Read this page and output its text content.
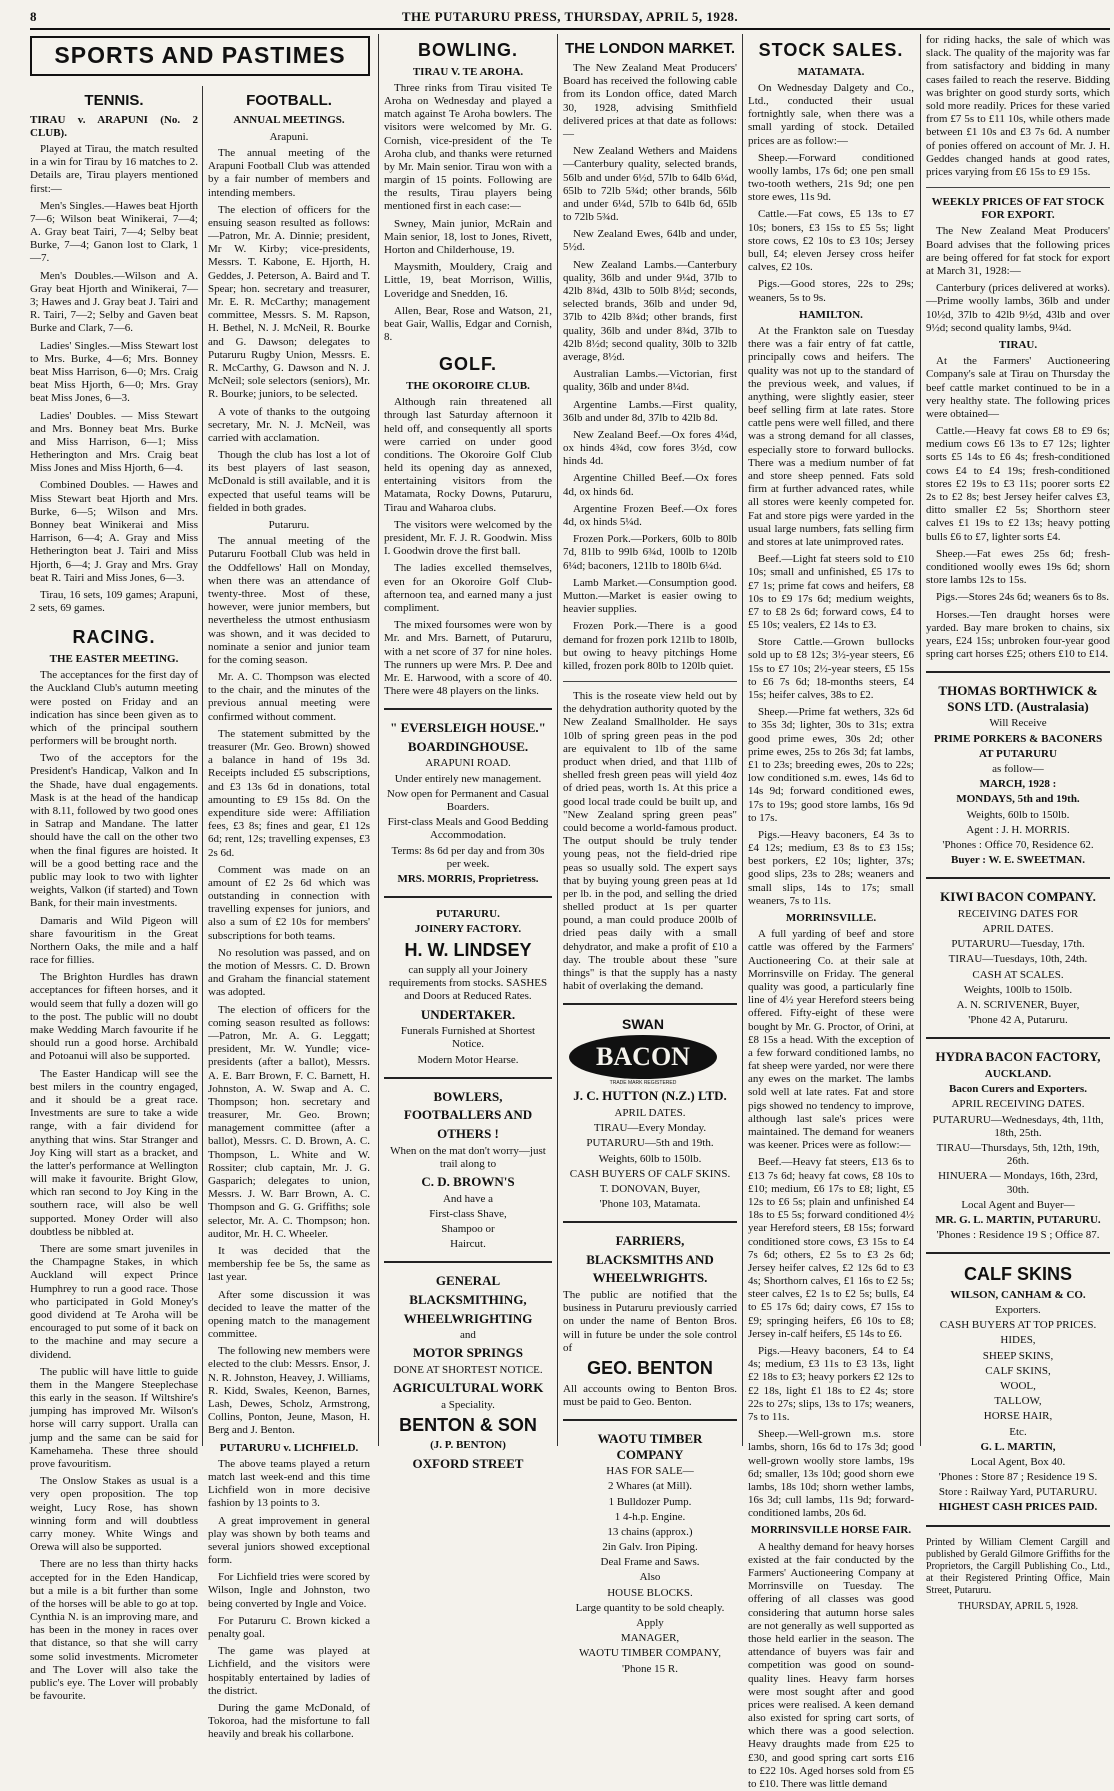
8	THE PUTARURU PRESS, THURSDAY, APRIL 5, 1928.
SPORTS AND PASTIMES
TENNIS.
TIRAU v. ARAPUNI (No. 2 CLUB).

Played at Tirau, the match resulted in a win for Tirau by 16 matches to 2. Details are, Tirau players mentioned first:—

Men's Singles.—Hawes beat Hjorth 7—6; Wilson beat Winikerai, 7—4; A. Gray beat Tairi, 7—4; Selby beat Burke, 7—4; Ganon lost to Clark, 1—7.

Men's Doubles.—Wilson and A. Gray beat Hjorth and Winikerai, 7—3; Hawes and J. Gray beat J. Tairi and R. Tairi, 7—2; Selby and Gaven beat Burke and Clark, 7—6.

Ladies' Singles.—Miss Stewart lost to Mrs. Burke, 4—6; Mrs. Bonney beat Miss Harrison, 6—0; Mrs. Craig beat Miss Hjorth, 6—0; Mrs. Gray beat Miss Jones, 6—3.

Ladies' Doubles. — Miss Stewart and Mrs. Bonney beat Mrs. Burke and Miss Harrison, 6—1; Miss Hetherington and Mrs. Craig beat Miss Jones and Miss Hjorth, 6—4.

Combined Doubles. — Hawes and Miss Stewart beat Hjorth and Mrs. Burke, 6—5; Wilson and Mrs. Bonney beat Winikerai and Miss Harrison, 6—4; A. Gray and Miss Hetherington beat J. Tairi and Miss Hjorth, 6—4; J. Gray and Mrs. Gray beat R. Tairi and Miss Jones, 6—3.

Tirau, 16 sets, 109 games; Arapuni, 2 sets, 69 games.

RACING.
THE EASTER MEETING.

The acceptances for the first day of the Auckland Club's autumn meeting were posted on Friday and an indication has since been given as to which of the principal southern performers will be brought north.

Two of the acceptors for the President's Handicap, Valkon and In the Shade, have dual engagements. Mask is at the head of the handicap with 8.11, followed by two good ones in Satrap and Mandane. The latter should have the call on the other two when the final figures are hoisted. It will be a good betting race and the public may look to two with lighter weights, Valkon (if started) and Town Bank, for their main investments.

Damaris and Wild Pigeon will share favouritism in the Great Northern Oaks, the mile and a half race for fillies.

The Brighton Hurdles has drawn acceptances for fifteen horses, and it would seem that fully a dozen will go to the post. The public will no doubt make Wedding March favourite if he should run a good horse. Archibald and Potoanui will also be supported.

The Easter Handicap will see the best milers in the country engaged, and it should be a great race. Investments are sure to take a wide range, with a fair dividend for anything that wins. Star Stranger and Joy King will start as a bracket, and the latter's performance at Wellington will make it favourite. Bright Glow, which ran second to Joy King in the southern race, will also be well supported. Money Order will also doubtless be nibbled at.

There are some smart juveniles in the Champagne Stakes, in which Auckland will expect Prince Humphrey to run a good race. Those who participated in Gold Money's good dividend at Te Aroha will be encouraged to put some of it back on to the machine and may secure a dividend.

The public will have little to guide them in the Mangere Steeplechase this early in the season. If Wiltshire's jumping has improved Mr. Wilson's horse will carry support. Uralla can jump and the same can be said for Kamehameha. These three should prove favouritism.

The Onslow Stakes as usual is a very open proposition. The top weight, Lucy Rose, has shown winning form and will doubtless carry money. White Wings and Orewa will also be supported.

There are no less than thirty hacks accepted for in the Eden Handicap, but a mile is a bit further than some of the horses will be able to go at top. Cynthia N. is an improving mare, and has been in the money in races over that distance, so that she will carry some solid investments. Micrometer and The Lover will also take the public's eye. The Lover will probably be favourite.

FOOTBALL.
ANNUAL MEETINGS.
Arapuni.

The annual meeting of the Arapuni Football Club was attended by a fair number of members and intending members.

The election of officers for the ensuing season resulted as follows:—Patron, Mr. A. Dinnie; president, Mr W. Kirby; vice-presidents, Messrs. T. Kabone, E. Hjorth, H. Geddes, J. Peterson, A. Baird and T. Spear; hon. secretary and treasurer, Mr. E. R. McCarthy; management committee, Messrs. S. M. Rapson, H. Bethel, N. J. McNeil, R. Bourke and G. Dawson; delegates to Putaruru Rugby Union, Messrs. E. R. McCarthy, G. Dawson and N. J. McNeil; sole selectors (seniors), Mr. R. Bourke; juniors, to be selected.

A vote of thanks to the outgoing secretary, Mr. N. J. McNeil, was carried with acclamation.

Though the club has lost a lot of its best players of last season, McDonald is still available, and it is expected that useful teams will be fielded in both grades.

Putaruru.

The annual meeting of the Putaruru Football Club was held in the Oddfellows' Hall on Monday, when there was an attendance of twenty-three. Most of these, however, were junior members, but nevertheless the utmost enthusiasm was shown, and it was decided to nominate a senior and junior team for the coming season.

Mr. A. C. Thompson was elected to the chair, and the minutes of the previous annual meeting were confirmed without comment.

The statement submitted by the treasurer (Mr. Geo. Brown) showed a balance in hand of 19s 3d. Receipts included £5 subscriptions, and £3 13s 6d in donations, total amounting to £9 15s 8d. On the expenditure side were: Affiliation fees, £3 8s; fines and gear, £1 12s 6d; rent, 12s; travelling expenses, £3 2s 6d.

Comment was made on an amount of £2 2s 6d which was outstanding in connection with travelling expenses for juniors, and also a sum of £2 10s for members' subscriptions for both teams.

No resolution was passed, and on the motion of Messrs. C. D. Brown and Graham the financial statement was adopted.

The election of officers for the coming season resulted as follows:—Patron, Mr. A. G. Leggatt; president, Mr. W. Yundle; vice-presidents (after a ballot), Messrs. A. E. Barr Brown, F. C. Barnett, H. Johnston, A. W. Swap and A. C. Thompson; hon. secretary and treasurer, Mr. Geo. Brown; management committee (after a ballot), Messrs. C. D. Brown, A. C. Thompson, L. White and W. Rossiter; club captain, Mr. J. G. Gasparich; delegates to union, Messrs. J. W. Barr Brown, A. C. Thompson and G. G. Griffiths; sole selector, Mr. A. C. Thompson; hon. auditor, Mr. H. C. Wheeler.

It was decided that the membership fee be 5s, the same as last year.

After some discussion it was decided to leave the matter of the opening match to the management committee.

The following new members were elected to the club: Messrs. Ensor, J. N. R. Johnston, Heavey, J. Williams, R. Kidd, Swales, Keenon, Barnes, Lash, Dewes, Scholz, Armstrong, Collins, Ponton, Jeune, Mason, H. Berg and J. Benton.

PUTARURU v. LICHFIELD.

The above teams played a return match last week-end and this time Lichfield won in more decisive fashion by 13 points to 3.

A great improvement in general play was shown by both teams and several juniors showed exceptional form.

For Lichfield tries were scored by Wilson, Ingle and Johnston, two being converted by Ingle and Voice.

For Putaruru C. Brown kicked a penalty goal.

The game was played at Lichfield, and the visitors were hospitably entertained by ladies of the district.

During the game McDonald, of Tokoroa, had the misfortune to fall heavily and break his collarbone.

BOWLING.
TIRAU V. TE AROHA.

Three rinks from Tirau visited Te Aroha on Wednesday and played a match against Te Aroha bowlers. The visitors were welcomed by Mr. G. Cornish, vice-president of the Te Aroha club, and thanks were returned by Mr. Main senior. Tirau won with a margin of 15 points. Following are the results, Tirau players being mentioned first in each case:—

Swney, Main junior, McRain and Main senior, 18, lost to Jones, Rivett, Horton and Childerhouse, 19.

Maysmith, Mouldery, Craig and Little, 19, beat Morrison, Willis, Loveridge and Snedden, 16.

Allen, Bear, Rose and Watson, 21, beat Gair, Wallis, Edgar and Cornish, 8.

GOLF.
THE OKOROIRE CLUB.

Although rain threatened all through last Saturday afternoon it held off, and consequently all sports were carried on under good conditions. The Okoroire Golf Club held its opening day as annexed, entertaining visitors from the Matamata, Rocky Downs, Putaruru, Tirau and Waharoa clubs.

The visitors were welcomed by the president, Mr. F. J. R. Goodwin. Miss I. Goodwin drove the first ball.

The ladies excelled themselves, even for an Okoroire Golf Club-afternoon tea, and earned many a just compliment.

The mixed foursomes were won by Mr. and Mrs. Barnett, of Putaruru, with a net score of 37 for nine holes. The runners up were Mrs. P. Dee and Mr. E. Harwood, with a score of 40. There were 48 players on the links.

" EVERSLEIGH HOUSE."
BOARDINGHOUSE.
ARAPUNI ROAD.
Under entirely new management.
Now open for Permanent and Casual Boarders.
First-class Meals and Good Bedding Accommodation.
Terms: 8s 6d per day and from 30s per week.
MRS. MORRIS, Proprietress.
PUTARURU.
JOINERY FACTORY.
H. W. LINDSEY
can supply all your Joinery requirements from stocks. SASHES and Doors at Reduced Rates.
UNDERTAKER.
Funerals Furnished at Shortest Notice.
Modern Motor Hearse.
BOWLERS,
FOOTBALLERS AND
OTHERS !
When on the mat don't worry—just trail along to
C. D. BROWN'S
And have a
First-class Shave,
Shampoo or
Haircut.
GENERAL
BLACKSMITHING,
WHEELWRIGHTING
and
MOTOR SPRINGS
DONE AT SHORTEST NOTICE.
AGRICULTURAL WORK
a Speciality.
BENTON & SON
(J. P. BENTON)
OXFORD STREET
THE LONDON MARKET.

The New Zealand Meat Producers' Board has received the following cable from its London office, dated March 30, 1928, advising Smithfield delivered prices at that date as follows:—

New Zealand Wethers and Maidens —Canterbury quality, selected brands, 56lb and under 6½d, 57lb to 64lb 6¼d, 65lb to 72lb 5¾d; other brands, 56lb and under 6¼d, 57lb to 64lb 6d, 65lb to 72lb 5¾d.

New Zealand Ewes, 64lb and under, 5½d.

New Zealand Lambs.—Canterbury quality, 36lb and under 9¼d, 37lb to 42lb 8¾d, 43lb to 50lb 8½d; seconds, selected brands, 36lb and under 9d, 37lb to 42lb 8¾d; other brands, first quality, 36lb and under 8¾d, 37lb to 42lb 8½d; second quality, 30lb to 32lb average, 8½d.

Australian Lambs.—Victorian, first quality, 36lb and under 8¼d.

Argentine Lambs.—First quality, 36lb and under 8d, 37lb to 42lb 8d.

New Zealand Beef.—Ox fores 4¼d, ox hinds 4¾d, cow fores 3½d, cow hinds 4d.

Argentine Chilled Beef.—Ox fores 4d, ox hinds 6d.

Argentine Frozen Beef.—Ox fores 4d, ox hinds 5¼d.

Frozen Pork.—Porkers, 60lb to 80lb 7d, 81lb to 99lb 6¾d, 100lb to 120lb 6¼d; baconers, 121lb to 180lb 6¼d.

Lamb Market.—Consumption good. Mutton.—Market is easier owing to heavier supplies.

Frozen Pork.—There is a good demand for frozen pork 121lb to 180lb, but owing to heavy pitchings Home killed, frozen pork 80lb to 120lb quiet.

This is the roseate view held out by the dehydration authority quoted by the New Zealand Smallholder. He says 10lb of spring green peas in the pod are equivalent to 1lb of the same product when dried, and that 11lb of shelled fresh green peas will yield 4oz of dried peas, worth 1s. At this price a good local trade could be built up, and "New Zealand spring green peas" could become a world-famous product. The output should be truly tender young peas, not the field-dried ripe peas so usually sold. The expert says that by buying young green peas at 1d per lb. in the pod, and selling the dried shelled product at 1s per quarter pound, a man could produce 200lb of dried peas daily with a small dehydrator, and make a profit of £10 a day. The trouble about these "sure things" is that the supply has a nasty habit of overlaking the demand.

SWAN
BACON
TRADE MARK REGISTERED
J. C. HUTTON (N.Z.) LTD.
APRIL DATES.
TIRAU—Every Monday.
PUTARURU—5th and 19th.
Weights, 60lb to 150lb.
CASH BUYERS OF CALF SKINS.
T. DONOVAN, Buyer,
'Phone 103, Matamata.
FARRIERS,
BLACKSMITHS AND
WHEELWRIGHTS.
The public are notified that the business in Putaruru previously carried on under the name of Benton Bros. will in future be under the sole control of
GEO. BENTON
All accounts owing to Benton Bros. must be paid to Geo. Benton.
WAOTU TIMBER COMPANY
HAS FOR SALE—
2 Whares (at Mill).
1 Bulldozer Pump.
1 4-h.p. Engine.
13 chains (approx.)
2in Galv. Iron Piping.
Deal Frame and Saws.
Also
HOUSE BLOCKS.
Large quantity to be sold cheaply.
Apply
MANAGER,
WAOTU TIMBER COMPANY,
'Phone 15 R.
STOCK SALES.
MATAMATA.

On Wednesday Dalgety and Co., Ltd., conducted their usual fortnightly sale, when there was a small yarding of stock. Detailed prices are as follow:—

Sheep.—Forward conditioned woolly lambs, 17s 6d; one pen small two-tooth wethers, 21s 9d; one pen store ewes, 11s 9d.

Cattle.—Fat cows, £5 13s to £7 10s; boners, £3 15s to £5 5s; light store cows, £2 10s to £3 10s; Jersey bull, £4; eleven Jersey cross heifer calves, £2 10s.

Pigs.—Good stores, 22s to 29s; weaners, 5s to 9s.

HAMILTON.

At the Frankton sale on Tuesday there was a fair entry of fat cattle, principally cows and heifers. The quality was not up to the standard of the previous week, and values, if anything, were slightly easier, steer beef selling firm at late rates. Store cattle pens were well filled, and there was a strong demand for all classes, especially store to forward bullocks. There was a medium number of fat and store sheep penned. Fats sold firm at further advanced rates, while all stores were keenly competed for. Fat and store pigs were yarded in the usual large numbers, fats selling firm and stores at late unimproved rates.

Beef.—Light fat steers sold to £10 10s; small and unfinished, £5 17s to £7 1s; prime fat cows and heifers, £8 10s to £9 17s 6d; medium weights, £7 to £8 2s 6d; forward cows, £4 to £5 10s; vealers, £2 14s to £3.

Store Cattle.—Grown bullocks sold up to £8 12s; 3½-year steers, £6 15s to £7 10s; 2½-year steers, £5 15s to £6 7s 6d; 18-months steers, £4 15s; heifer calves, 38s to £2.

Sheep.—Prime fat wethers, 32s 6d to 35s 3d; lighter, 30s to 31s; extra good prime ewes, 30s 2d; other prime ewes, 25s to 26s 3d; fat lambs, £1 to 23s; breeding ewes, 20s to 22s; low conditioned s.m. ewes, 14s 6d to 14s 9d; forward conditioned ewes, 17s to 19s; good store lambs, 16s 9d to 17s.

Pigs.—Heavy baconers, £4 3s to £4 12s; medium, £3 8s to £3 15s; best porkers, £2 10s; lighter, 37s; good slips, 23s to 28s; weaners and small slips, 14s to 17s; small weaners, 7s to 11s.

MORRINSVILLE.

A full yarding of beef and store cattle was offered by the Farmers' Auctioneering Co. at their sale at Morrinsville on Friday. The general quality was good, a particularly fine line of 4½ year Hereford steers being offered. Fifty-eight of these were bought by Mr. G. Proctor, of Orini, at £8 15s a head. With the exception of a few forward conditioned lambs, no fat sheep were yarded, nor were there any ewes on the market. The lambs sold well at late rates. Fat and store pigs showed no tendency to improve, although last sale's prices were maintained. The demand for weaners was keener. Prices were as follow:—

Beef.—Heavy fat steers, £13 6s to £13 7s 6d; heavy fat cows, £8 10s to £10; medium, £6 17s to £8; light, £5 12s to £6 5s; plain and unfinished £4 18s to £5 5s; forward conditioned 4½ year Hereford steers, £8 15s; forward conditioned store cows, £3 15s to £4 7s 6d; others, £2 5s to £3 2s 6d; Jersey heifer calves, £2 12s 6d to £3 4s; Shorthorn calves, £1 16s to £2 5s; steer calves, £2 1s to £2 5s; bulls, £4 to £5 17s 6d; dairy cows, £7 15s to £9; springing heifers, £6 10s to £8; Jersey in-calf heifers, £5 14s to £6.

Pigs.—Heavy baconers, £4 to £4 4s; medium, £3 11s to £3 13s, light £2 18s to £3; heavy porkers £2 12s to £2 18s, light £1 18s to £2 4s; store 22s to 27s; slips, 13s to 17s; weaners, 7s to 11s.

Sheep.—Well-grown m.s. store lambs, shorn, 16s 6d to 17s 3d; good well-grown woolly store lambs, 19s 6d; smaller, 13s 10d; good shorn ewe lambs, 18s 10d; shorn wether lambs, 16s 3d; cull lambs, 11s 9d; forward-conditioned lambs, 20s 6d.

MORRINSVILLE HORSE FAIR.

A healthy demand for heavy horses existed at the fair conducted by the Farmers' Auctioneering Company at Morrinsville on Tuesday. The offering of all classes was good considering that autumn horse sales are not generally as well supported as those held earlier in the season. The attendance of buyers was fair and competition was good on sound-quality lines. Heavy farm horses were most sought after and good prices were realised. A keen demand also existed for spring cart sorts, of which there was a good selection. Heavy draughts made from £25 to £30, and good spring cart sorts £16 to £22 10s. Aged horses sold from £5 to £10. There was little demand

for riding hacks, the sale of which was slack. The quality of the majority was far from satisfactory and bidding in many cases failed to reach the reserve. Bidding was brighter on good sturdy sorts, which sold more readily. Prices for these varied from £7 5s to £11 10s, while others made between £1 10s and £3 7s 6d. A number of ponies offered on account of Mr. J. H. Geddes changed hands at good rates, prices varying from £6 15s to £9 15s.

WEEKLY PRICES OF FAT STOCK FOR EXPORT.

The New Zealand Meat Producers' Board advises that the following prices are being offered for fat stock for export at March 31, 1928:—

Canterbury (prices delivered at works).—Prime woolly lambs, 36lb and under 10½d, 37lb to 42lb 9½d, 43lb and over 9½d; second quality lambs, 9¼d.

TIRAU.

At the Farmers' Auctioneering Company's sale at Tirau on Thursday the beef cattle market continued to be in a very healthy state. The following prices were obtained—

Cattle.—Heavy fat cows £8 to £9 6s; medium cows £6 13s to £7 12s; lighter sorts £5 14s to £6 4s; fresh-conditioned cows £4 to £4 19s; fresh-conditioned stores £2 19s to £3 11s; poorer sorts £2 2s to £2 8s; best Jersey heifer calves £3, ditto smaller £2 5s; Shorthorn steer calves £1 19s to £2 13s; heavy potting bulls £6 to £7, lighter sorts £4.

Sheep.—Fat ewes 25s 6d; fresh-conditioned woolly ewes 19s 6d; shorn store lambs 12s to 15s.

Pigs.—Stores 24s 6d; weaners 6s to 8s.

Horses.—Ten draught horses were yarded. Bay mare broken to chains, six years, £24 15s; unbroken four-year good spring cart horses £25; others £10 to £14.

THOMAS BORTHWICK & SONS LTD. (Australasia)
Will Receive
PRIME PORKERS & BACONERS
AT PUTARURU
as follow—
MARCH, 1928 :
MONDAYS, 5th and 19th.
Weights, 60lb to 150lb.
Agent : J. H. MORRIS.
'Phones : Office 70, Residence 62.
Buyer : W. E. SWEETMAN.
KIWI BACON COMPANY.
RECEIVING DATES FOR
APRIL DATES.
PUTARURU—Tuesday, 17th.
TIRAU—Tuesdays, 10th, 24th.
CASH AT SCALES.
Weights, 100lb to 150lb.
A. N. SCRIVENER, Buyer,
'Phone 42 A, Putaruru.
HYDRA BACON FACTORY,
AUCKLAND.
Bacon Curers and Exporters.
APRIL RECEIVING DATES.
PUTARURU—Wednesdays, 4th, 11th, 18th, 25th.
TIRAU—Thursdays, 5th, 12th, 19th, 26th.
HINUERA — Mondays, 16th, 23rd, 30th.
Local Agent and Buyer—
MR. G. L. MARTIN, PUTARURU.
'Phones : Residence 19 S ; Office 87.
CALF SKINS
WILSON, CANHAM & CO.
Exporters.
CASH BUYERS AT TOP PRICES.
HIDES,
SHEEP SKINS,
CALF SKINS,
WOOL,
TALLOW,
HORSE HAIR,
Etc.
G. L. MARTIN,
Local Agent, Box 40.
'Phones : Store 87 ; Residence 19 S.
Store : Railway Yard, PUTARURU.
HIGHEST CASH PRICES PAID.

Printed by William Clement Cargill and published by Gerald Gilmore Griffiths for the Proprietors, the Cargill Publishing Co., Ltd., at their Registered Printing Office, Main Street, Putaruru.

THURSDAY, APRIL 5, 1928.
